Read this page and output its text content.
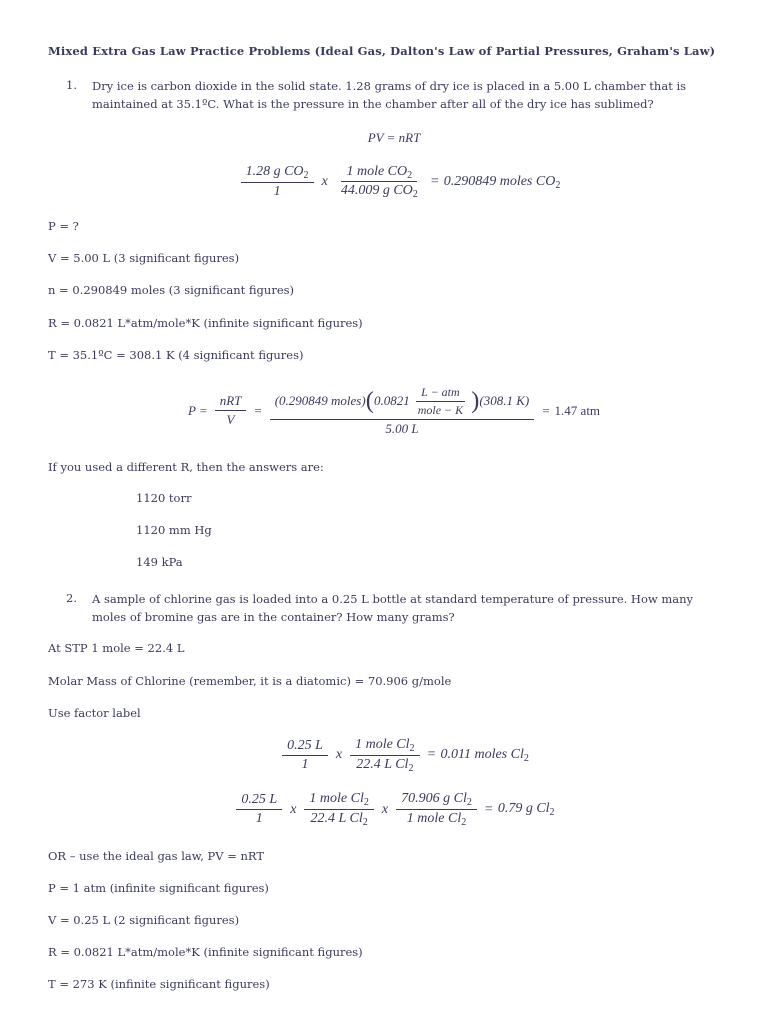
Mixed Extra Gas Law Practice Problems (Ideal Gas, Dalton's Law of Partial Pressures, Graham's Law)
1.	Dry ice is carbon dioxide in the solid state. 1.28 grams of dry ice is placed in a 5.00 L chamber that is maintained at 35.1ºC. What is the pressure in the chamber after all of the dry ice has sublimed?
PV = nRT
$\frac{1.28 g CO_2}{1}$ x $\frac{1 mole CO_2}{44.009 g CO_2} = 0.290849$ moles $CO_2$
P = ?
V = 5.00 L (3 significant figures)
n = 0.290849 moles (3 significant figures)
R = 0.0821 L*atm/mole*K (infinite significant figures)
T = 35.1ºC = 308.1 K (4 significant figures)
$P = \frac{\text{nRT}}{V}$ =
(0.290849 moles) ( $0.0821 \frac{\text{L − atm}}{\text{mole − K}}$ ) (308.1 K)
5.00 L
= 1.47 atm
If you used a different R, then the answers are:
1120 torr
1120 mm Hg
149 kPa
2.	A sample of chlorine gas is loaded into a 0.25 L bottle at standard temperature of pressure. How many moles of bromine gas are in the container? How many grams?
At STP 1 mole = 22.4 L
Molar Mass of Chlorine (remember, it is a diatomic) = 70.906 g/mole
Use factor label
$\frac{0.25 L}{1}$ x $\frac{1 mole Cl_2}{22.4 L Cl_2} = 0.011$ moles $Cl_2$
$\frac{0.25 L}{1}$ x $\frac{1 mole Cl_2}{22.4 L Cl_2}$ x $\frac{70.906 g Cl_2}{1 mole Cl_2} = 0.79$ g $Cl_2$
OR – use the ideal gas law, PV = nRT
P = 1 atm (infinite significant figures)
V = 0.25 L (2 significant figures)
R = 0.0821 L*atm/mole*K (infinite significant figures)
T = 273 K (infinite significant figures)
